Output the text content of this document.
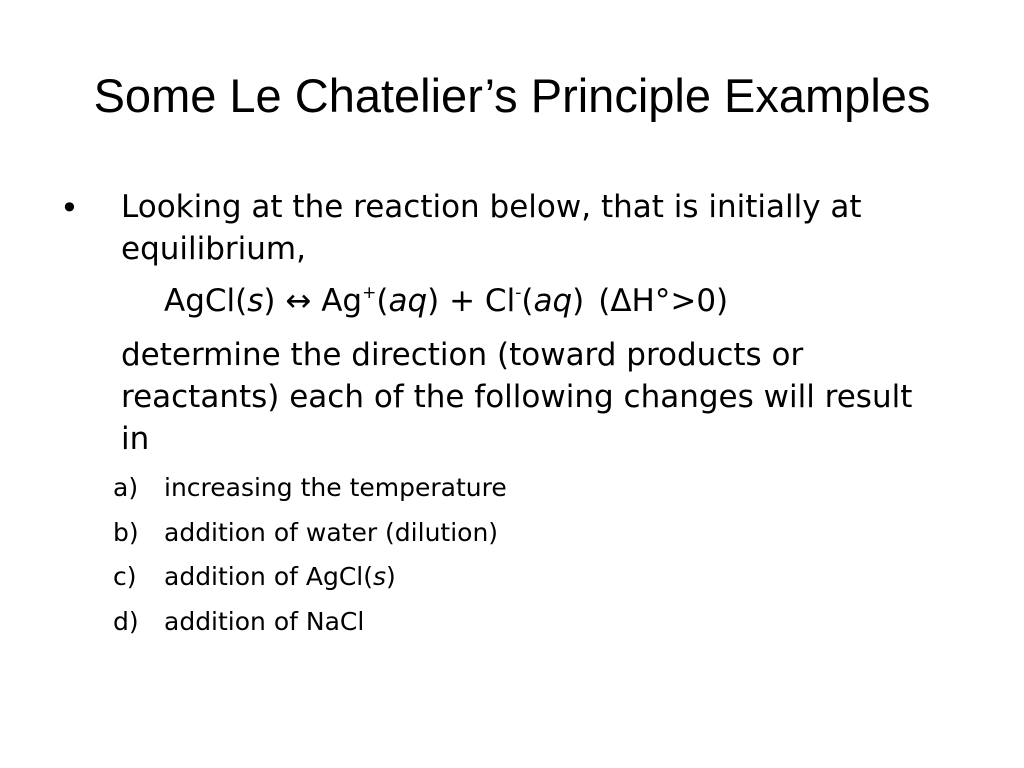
Some Le Chatelier’s Principle Examples
• Looking at the reaction below, that is initially at equilibrium,
AgCl(s) ↔ Ag+(aq) + Cl-(aq) (ΔH°>0)
determine the direction (toward products or reactants) each of the following changes will result in
a) increasing the temperature
b) addition of water (dilution)
c) addition of AgCl(s)
d) addition of NaCl
